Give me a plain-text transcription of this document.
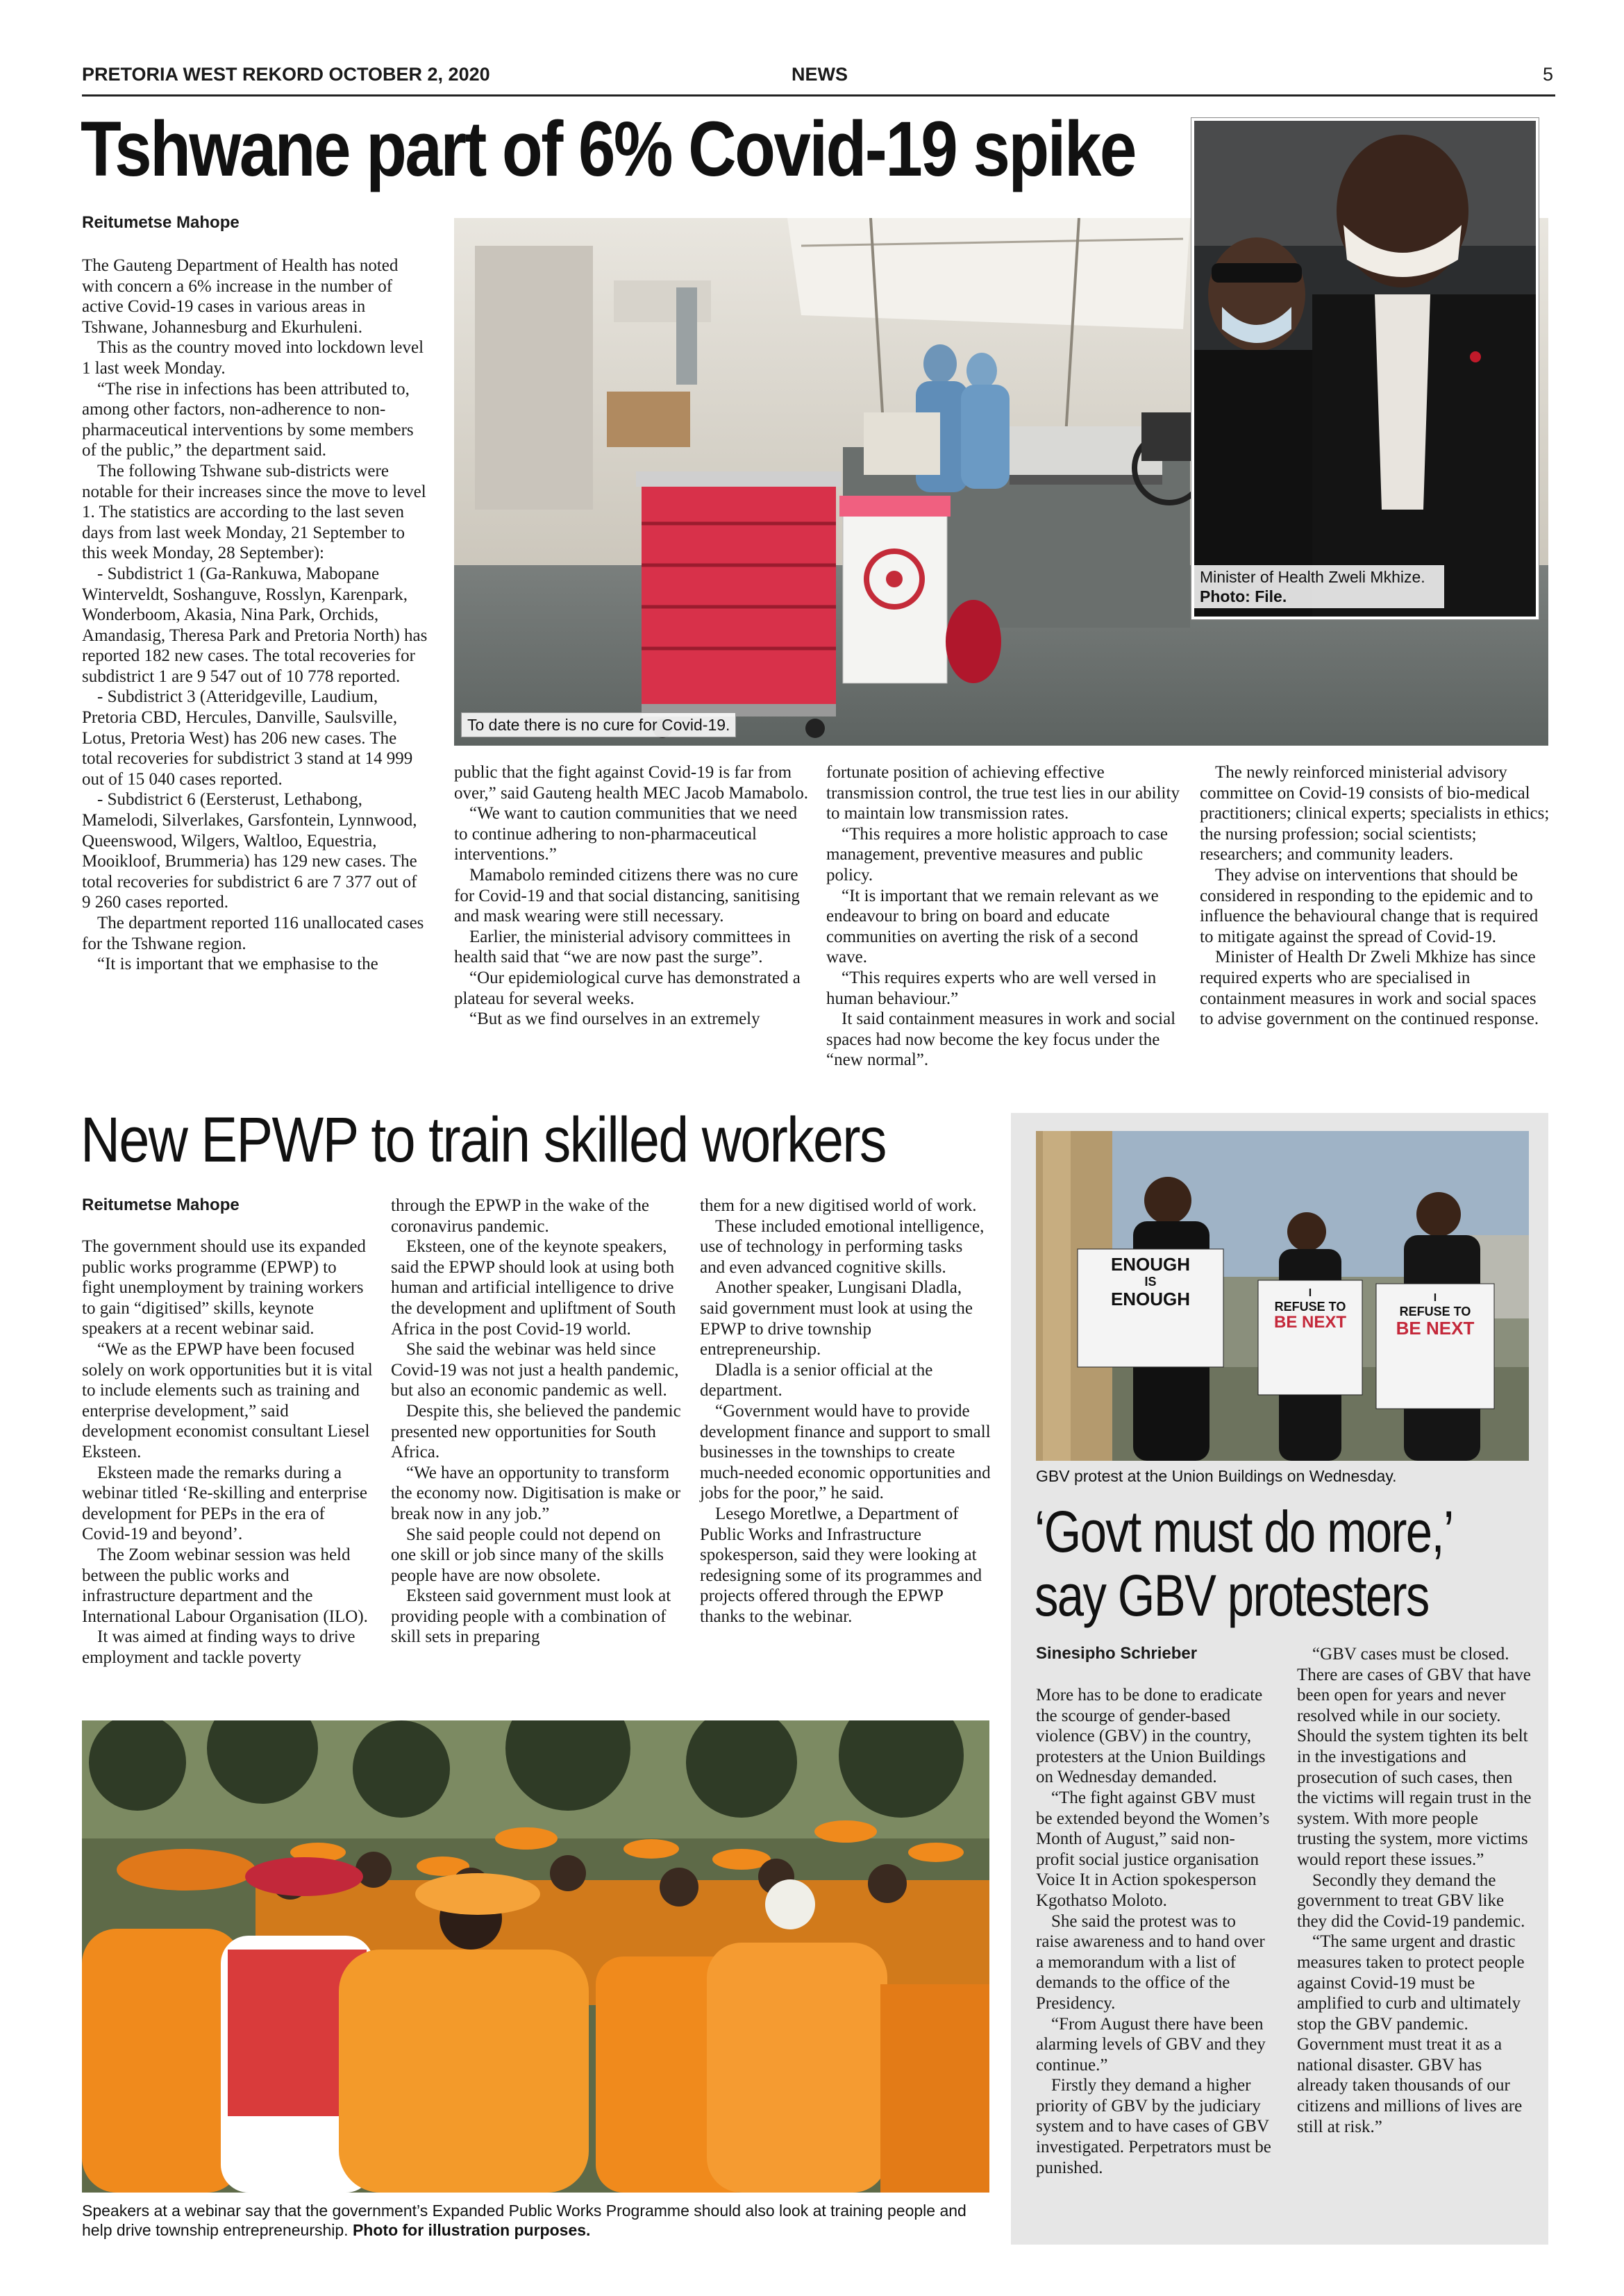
PRETORIA WEST REKORD OCTOBER 2, 2020	NEWS	5
Tshwane part of 6% Covid-19 spike
Reitumetse Mahope

The Gauteng Department of Health has noted with concern a 6% increase in the number of active Covid-19 cases in various areas in Tshwane, Johannesburg and Ekurhuleni.

This as the country moved into lockdown level 1 last week Monday.

“The rise in infections has been attributed to, among other factors, non-adherence to non-pharmaceutical interventions by some members of the public,” the department said.

The following Tshwane sub-districts were notable for their increases since the move to level 1. The statistics are according to the last seven days from last week Monday, 21 September to this week Monday, 28 September):

- Subdistrict 1 (Ga-Rankuwa, Mabopane Winterveldt, Soshanguve, Rosslyn, Karenpark, Wonderboom, Akasia, Nina Park, Orchids, Amandasig, Theresa Park and Pretoria North) has reported 182 new cases. The total recoveries for subdistrict 1 are 9 547 out of 10 778 reported.

- Subdistrict 3 (Atteridgeville, Laudium, Pretoria CBD, Hercules, Danville, Saulsville, Lotus, Pretoria West) has 206 new cases. The total recoveries for subdistrict 3 stand at 14 999 out of 15 040 cases reported.

- Subdistrict 6 (Eersterust, Lethabong, Mamelodi, Silverlakes, Garsfontein, Lynnwood, Queenswood, Wilgers, Waltloo, Equestria, Mooikloof, Brummeria) has 129 new cases. The total recoveries for subdistrict 6 are 7 377 out of 9 260 cases reported.

The department reported 116 unallocated cases for the Tshwane region.

“It is important that we emphasise to the

To date there is no cure for Covid-19.
Minister of Health Zweli Mkhize.
Photo: File.

public that the fight against Covid-19 is far from over,” said Gauteng health MEC Jacob Mamabolo.

“We want to caution communities that we need to continue adhering to non-pharmaceutical interventions.”

Mamabolo reminded citizens there was no cure for Covid-19 and that social distancing, sanitising and mask wearing were still necessary.

Earlier, the ministerial advisory committees in health said that “we are now past the surge”.

“Our epidemiological curve has demonstrated a plateau for several weeks.

“But as we find ourselves in an extremely

fortunate position of achieving effective transmission control, the true test lies in our ability to maintain low transmission rates.

“This requires a more holistic approach to case management, preventive measures and public policy.

“It is important that we remain relevant as we endeavour to bring on board and educate communities on averting the risk of a second wave.

“This requires experts who are well versed in human behaviour.”

It said containment measures in work and social spaces had now become the key focus under the “new normal”.

The newly reinforced ministerial advisory committee on Covid-19 consists of bio-medical practitioners; clinical experts; specialists in ethics; the nursing profession; social scientists; researchers; and community leaders.

They advise on interventions that should be considered in responding to the epidemic and to influence the behavioural change that is required to mitigate against the spread of Covid-19.

Minister of Health Dr Zweli Mkhize has since required experts who are specialised in containment measures in work and social spaces to advise government on the continued response.

New EPWP to train skilled workers
Reitumetse Mahope

The government should use its expanded public works programme (EPWP) to fight unemployment by training workers to gain “digitised” skills, keynote speakers at a recent webinar said.

“We as the EPWP have been focused solely on work opportunities but it is vital to include elements such as training and enterprise development,” said development economist consultant Liesel Eksteen.

Eksteen made the remarks during a webinar titled ‘Re-skilling and enterprise development for PEPs in the era of Covid-19 and beyond’.

The Zoom webinar session was held between the public works and infrastructure department and the International Labour Organisation (ILO).

It was aimed at finding ways to drive employment and tackle poverty

through the EPWP in the wake of the coronavirus pandemic.

Eksteen, one of the keynote speakers, said the EPWP should look at using both human and artificial intelligence to drive the development and upliftment of South Africa in the post Covid-19 world.

She said the webinar was held since Covid-19 was not just a health pandemic, but also an economic pandemic as well.

Despite this, she believed the pandemic presented new opportunities for South Africa.

“We have an opportunity to transform the economy now. Digitisation is make or break now in any job.”

She said people could not depend on one skill or job since many of the skills people have are now obsolete.

Eksteen said government must look at providing people with a combination of skill sets in preparing

them for a new digitised world of work.

These included emotional intelligence, use of technology in performing tasks and even advanced cognitive skills.

Another speaker, Lungisani Dladla, said government must look at using the EPWP to drive township entrepreneurship.

Dladla is a senior official at the department.

“Government would have to provide development finance and support to small businesses in the townships to create much-needed economic opportunities and jobs for the poor,” he said.

Lesego Moretlwe, a Department of Public Works and Infrastructure spokesperson, said they were looking at redesigning some of its programmes and projects offered through the EPWP thanks to the webinar.

Speakers at a webinar say that the government’s Expanded Public Works Programme should also look at training people and help drive township entrepreneurship. Photo for illustration purposes.
ENOUGH
IS
ENOUGH	I
REFUSE TO
BE NEXT
I
REFUSE TO
BE NEXT
GBV protest at the Union Buildings on Wednesday.
‘Govt must do more,’
say GBV protesters
Sinesipho Schrieber

More has to be done to eradicate the scourge of gender-based violence (GBV) in the country, protesters at the Union Buildings on Wednesday demanded.

“The fight against GBV must be extended beyond the Women’s Month of August,” said non-profit social justice organisation Voice It in Action spokesperson Kgothatso Moloto.

She said the protest was to raise awareness and to hand over a memorandum with a list of demands to the office of the Presidency.

“From August there have been alarming levels of GBV and they continue.”

Firstly they demand a higher priority of GBV by the judiciary system and to have cases of GBV investigated. Perpetrators must be punished.

“GBV cases must be closed. There are cases of GBV that have been open for years and never resolved while in our society. Should the system tighten its belt in the investigations and prosecution of such cases, then the victims will regain trust in the system. With more people trusting the system, more victims would report these issues.”

Secondly they demand the government to treat GBV like they did the Covid-19 pandemic.

“The same urgent and drastic measures taken to protect people against Covid-19 must be amplified to curb and ultimately stop the GBV pandemic. Government must treat it as a national disaster. GBV has already taken thousands of our citizens and millions of lives are still at risk.”
